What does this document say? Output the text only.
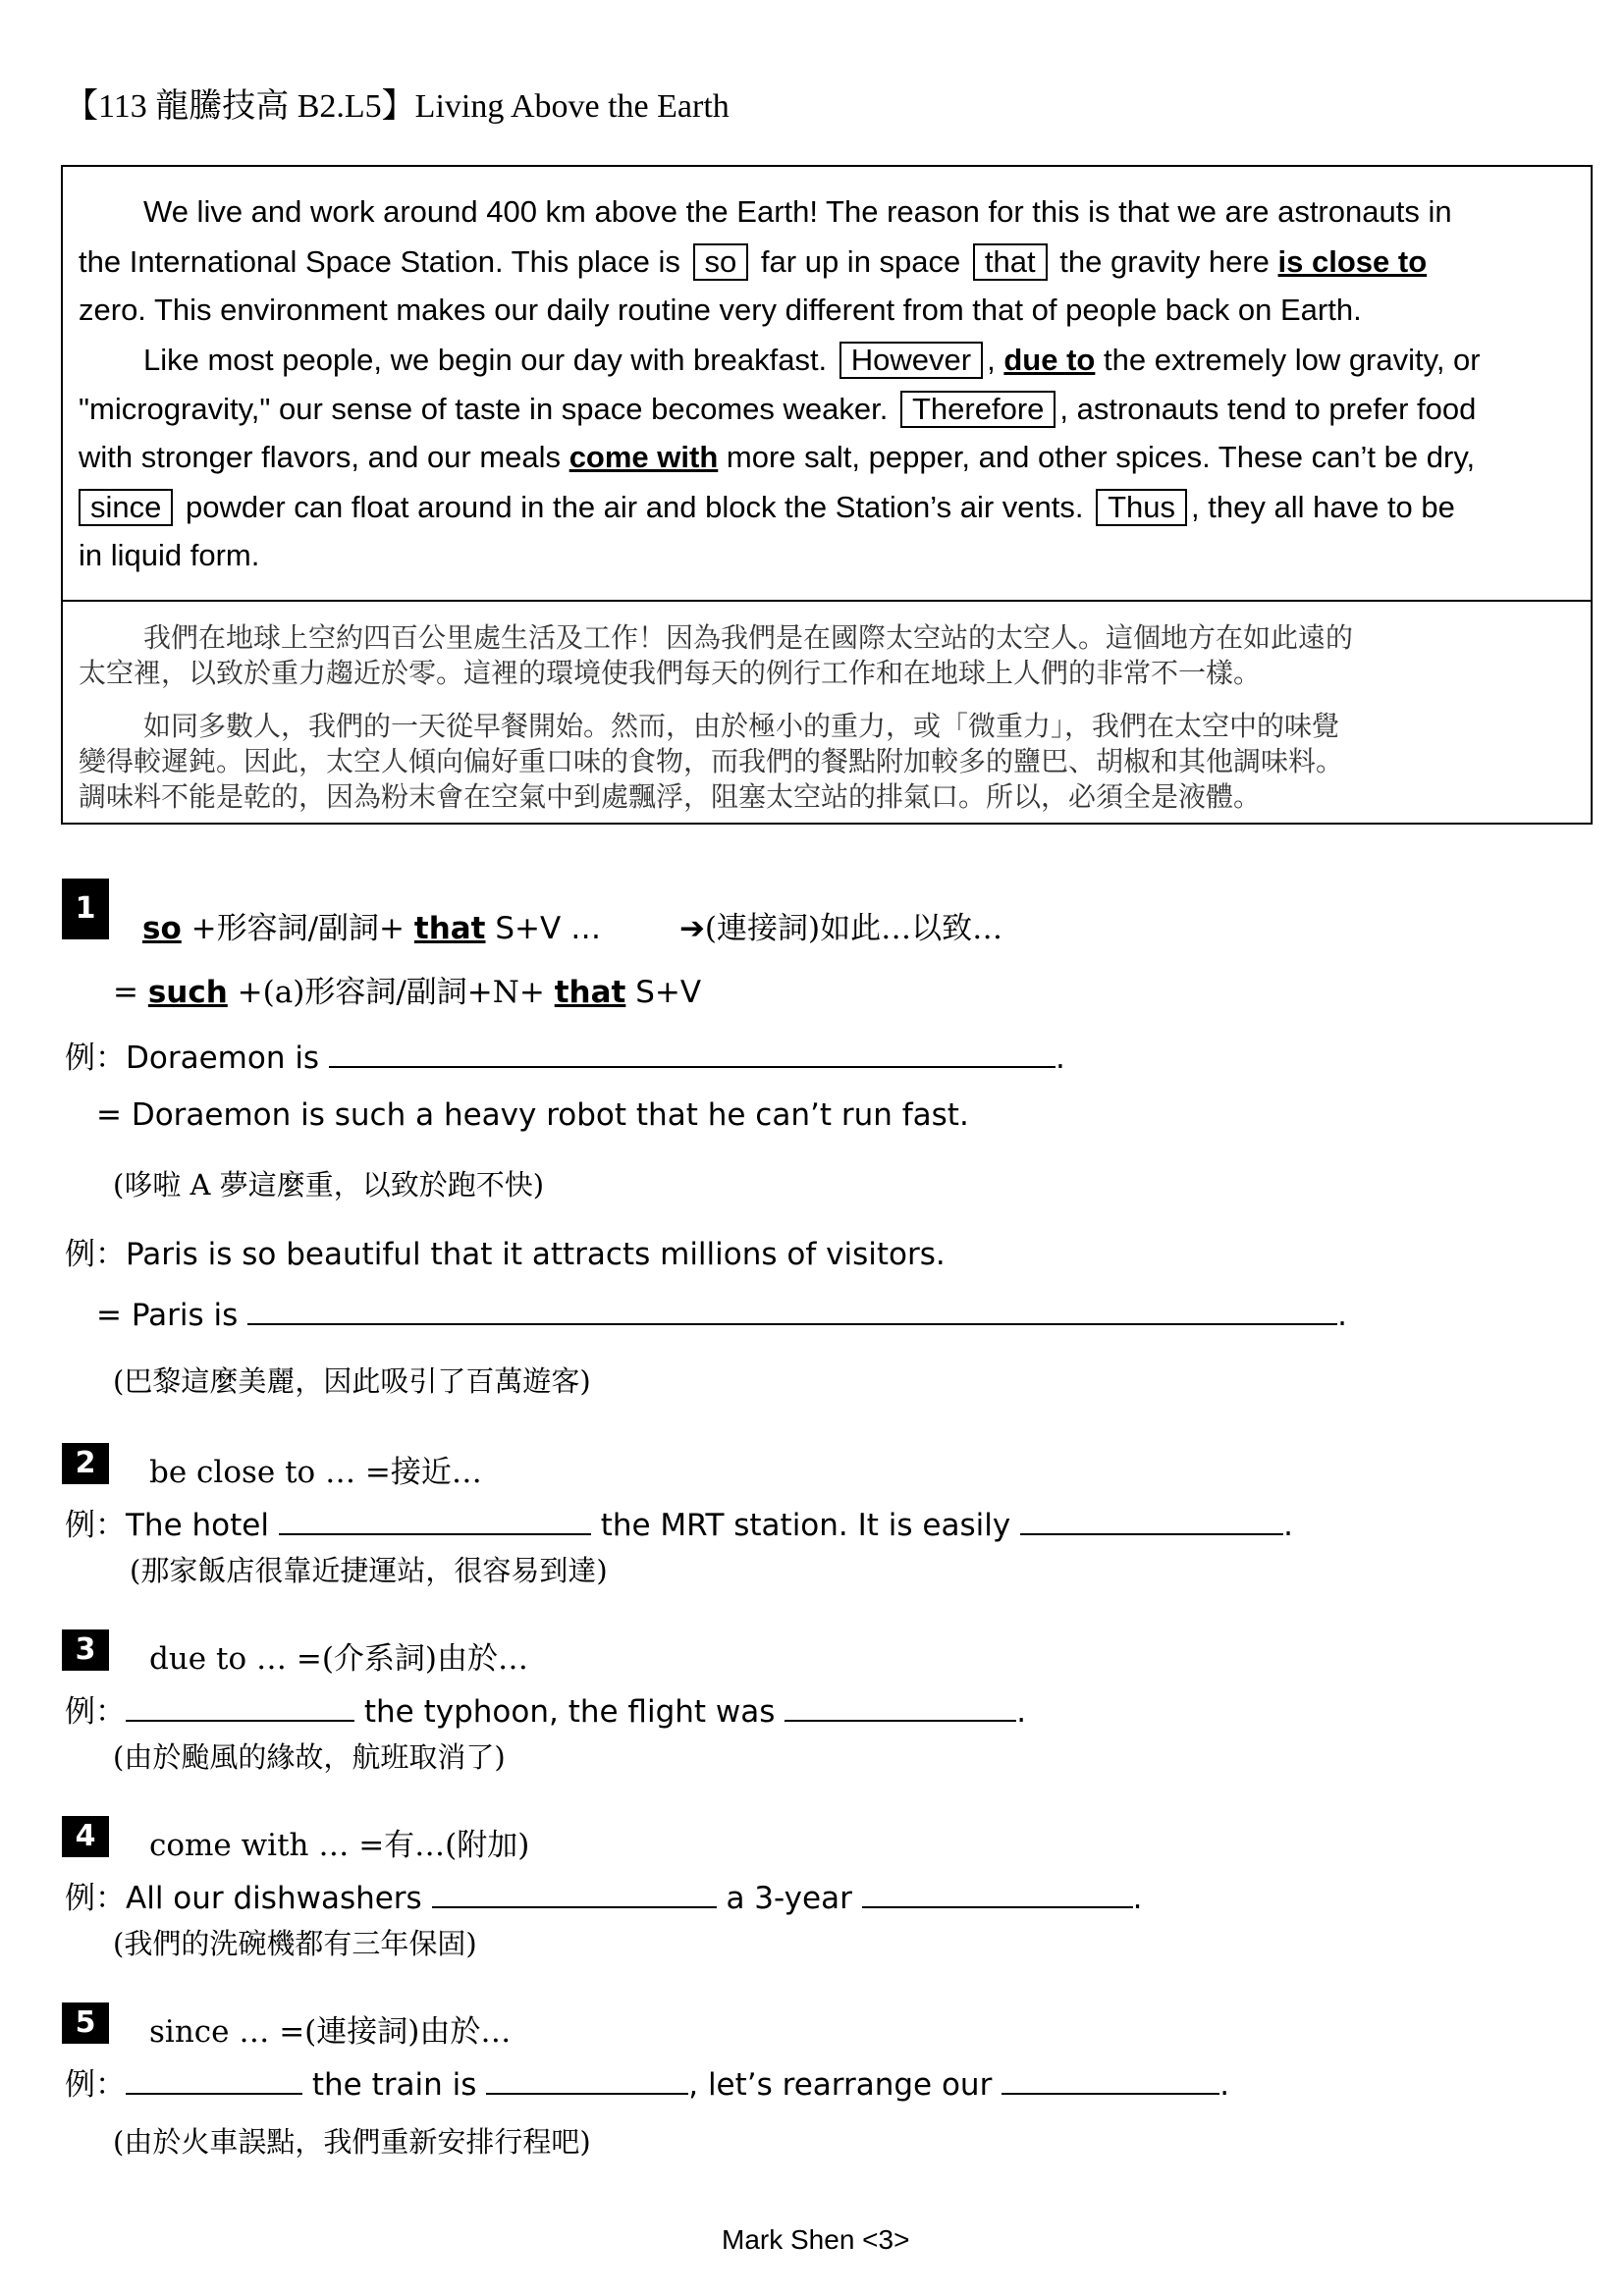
【113 龍騰技高 B2.L5】Living Above the Earth
We live and work around 400 km above the Earth! The reason for this is that we are astronauts in
the International Space Station. This place is so far up in space that the gravity here is close to
zero. This environment makes our daily routine very different from that of people back on Earth.
Like most people, we begin our day with breakfast. However , due to the extremely low gravity, or
"microgravity," our sense of taste in space becomes weaker. Therefore , astronauts tend to prefer food
with stronger flavors, and our meals come with more salt, pepper, and other spices. These can’t be dry,
since powder can float around in the air and block the Station’s air vents. Thus , they all have to be
in liquid form.
我們在地球上空約四百公里處生活及工作！因為我們是在國際太空站的太空人。這個地方在如此遠的
太空裡，以致於重力趨近於零。這裡的環境使我們每天的例行工作和在地球上人們的非常不一樣。
如同多數人，我們的一天從早餐開始。然而，由於極小的重力，或「微重力」，我們在太空中的味覺
變得較遲鈍。因此，太空人傾向偏好重口味的食物，而我們的餐點附加較多的鹽巴、胡椒和其他調味料。
調味料不能是乾的，因為粉末會在空氣中到處飄浮，阻塞太空站的排氣口。所以，必須全是液體。
1
so +形容詞/副詞+ that S+V …	➔(連接詞)如此…以致…
= such +(a)形容詞/副詞+N+ that S+V
例：Doraemon is	.
= Doraemon is such a heavy robot that he can’t run fast.
(哆啦 A 夢這麼重，以致於跑不快)
例：Paris is so beautiful that it attracts millions of visitors.
= Paris is	.
(巴黎這麼美麗，因此吸引了百萬遊客)
2	be close to … =接近…
例：The hotel	the MRT station. It is easily	.
(那家飯店很靠近捷運站，很容易到達)
3	due to … =(介系詞)由於…
例：	the typhoon, the flight was	.
(由於颱風的緣故，航班取消了)
4	come with … =有…(附加)
例：All our dishwashers	a 3-year	.
(我們的洗碗機都有三年保固)
5	since … =(連接詞)由於…
例：	the train is	, let’s rearrange our	.
(由於火車誤點，我們重新安排行程吧)
Mark Shen <3>
